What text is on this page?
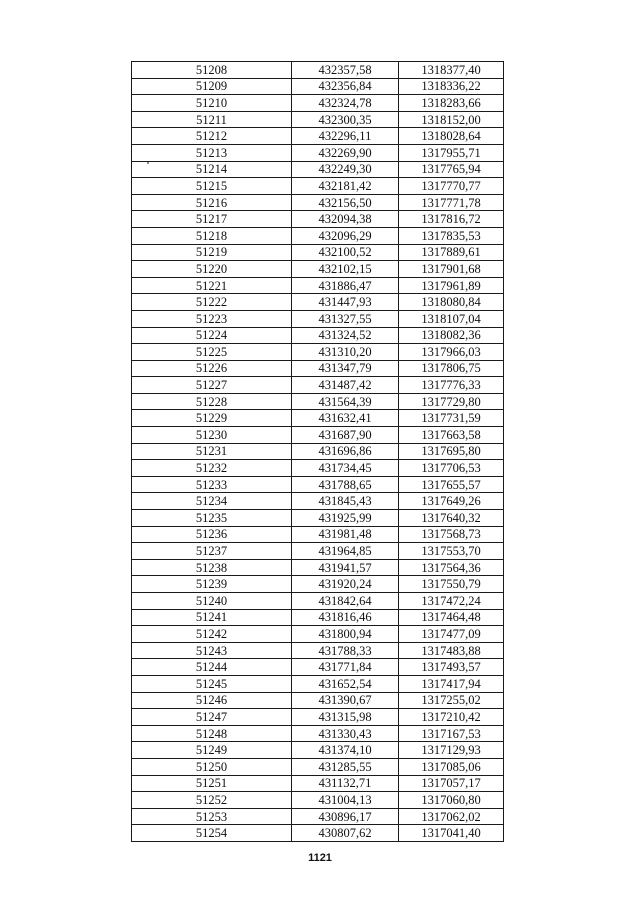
51208	432357,58	1318377,40
51209	432356,84	1318336,22
51210	432324,78	1318283,66
51211	432300,35	1318152,00
51212	432296,11	1318028,64
51213	432269,90	1317955,71
51214	432249,30	1317765,94
51215	432181,42	1317770,77
51216	432156,50	1317771,78
51217	432094,38	1317816,72
51218	432096,29	1317835,53
51219	432100,52	1317889,61
51220	432102,15	1317901,68
51221	431886,47	1317961,89
51222	431447,93	1318080,84
51223	431327,55	1318107,04
51224	431324,52	1318082,36
51225	431310,20	1317966,03
51226	431347,79	1317806,75
51227	431487,42	1317776,33
51228	431564,39	1317729,80
51229	431632,41	1317731,59
51230	431687,90	1317663,58
51231	431696,86	1317695,80
51232	431734,45	1317706,53
51233	431788,65	1317655,57
51234	431845,43	1317649,26
51235	431925,99	1317640,32
51236	431981,48	1317568,73
51237	431964,85	1317553,70
51238	431941,57	1317564,36
51239	431920,24	1317550,79
51240	431842,64	1317472,24
51241	431816,46	1317464,48
51242	431800,94	1317477,09
51243	431788,33	1317483,88
51244	431771,84	1317493,57
51245	431652,54	1317417,94
51246	431390,67	1317255,02
51247	431315,98	1317210,42
51248	431330,43	1317167,53
51249	431374,10	1317129,93
51250	431285,55	1317085,06
51251	431132,71	1317057,17
51252	431004,13	1317060,80
51253	430896,17	1317062,02
51254	430807,62	1317041,40
1121
